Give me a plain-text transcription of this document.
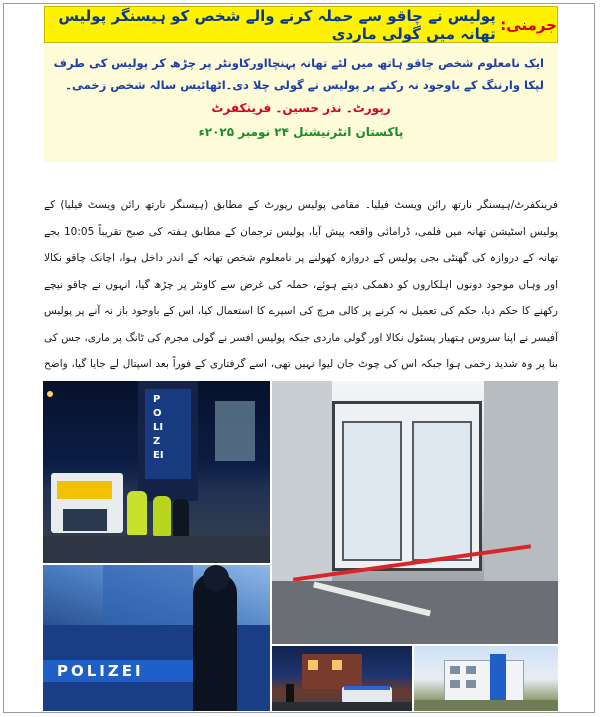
جرمنی:
پولیس نے چاقو سے حملہ کرنے والے شخص کو ہیسنگر پولیس تھانہ میں گولی ماردی

ایک نامعلوم شخص چاقو ہاتھ میں لئے تھانہ پہنچااورکاونٹر پر چڑھ کر پولیس کی طرف لپکا وارننگ کے باوجود نہ رکنے پر پولیس نے گولی چلا دی۔اٹھائیس سالہ شخص زخمی۔

رپورٹ۔ نذر حسین۔ فرینکفرٹ

پاکستان انٹرنیشنل ۲۴ نومبر ۲۰۲۵ء

فرینکفرٹ/ہیسنگر نارتھ رائن ویسٹ فیلیا۔ مقامی پولیس رپورٹ کے مطابق (ہیسنگر نارتھ رائن ویسٹ فیلیا) کے پولیس اسٹیشن تھانہ میں فلمی، ڈرامائی واقعہ پیش آیا، پولیس ترجمان کے مطابق ہفتہ کی صبح تقریباً 10:05 بجے تھانہ کے دروازہ کی گھنٹی بجی پولیس کے دروازہ کھولنے پر نامعلوم شخص تھانہ کے اندر داخل ہوا، اچانک چاقو نکالا اور وہاں موجود دونوں اہلکاروں کو دھمکی دیتے ہوئے، حملہ کی غرض سے کاونٹر پر چڑھ گیا، انہوں نے چاقو نیچے رکھنے کا حکم دیا، حکم کی تعمیل نہ کرنے پر کالی مرچ کی اسپرے کا استعمال کیا، اس کے باوجود باز نہ آنے پر پولیس آفیسر نے اپنا سروس ہتھیار پسٹول نکالا اور گولی ماردی جبکہ پولیس افسر نے گولی مجرم کی ٹانگ پر ماری، جس کی بنا پر وہ شدید زخمی ہوا جبکہ اس کی چوٹ جان لیوا نہیں تھی، اسے گرفتاری کے فوراً بعد اسپتال لے جایا گیا، واضح
POLIZEI
POLIZEI
